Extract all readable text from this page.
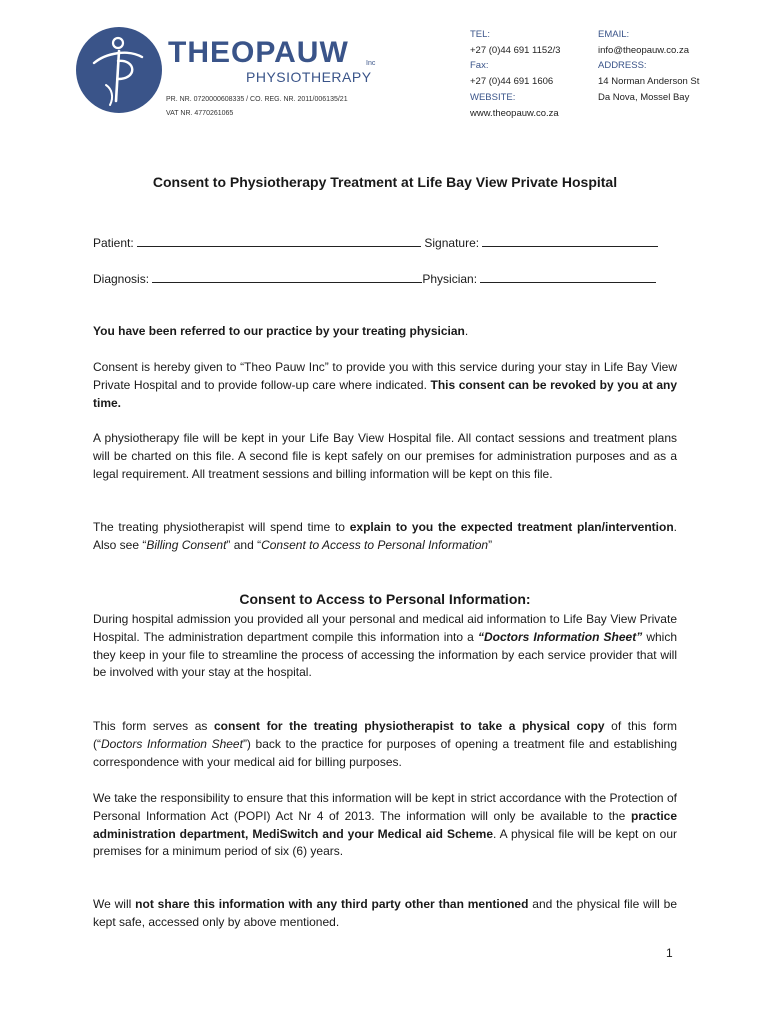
THEOPAUW Inc
PHYSIOTHERAPY
PR. NR. 0720000608335 / CO. REG. NR. 2011/006135/21
VAT NR. 4770261065
TEL:
+27 (0)44 691 1152/3
Fax:
+27 (0)44 691 1606
WEBSITE:
www.theopauw.co.za
EMAIL:
info@theopauw.co.za
ADDRESS:
14 Norman Anderson St
Da Nova, Mossel Bay
Consent to Physiotherapy Treatment at Life Bay View Private Hospital
Patient:	Signature:
Diagnosis:	Physician:
You have been referred to our practice by your treating physician.
Consent is hereby given to “Theo Pauw Inc” to provide you with this service during your stay in Life Bay View Private Hospital and to provide follow-up care where indicated. This consent can be revoked by you at any time.
A physiotherapy file will be kept in your Life Bay View Hospital file. All contact sessions and treatment plans will be charted on this file. A second file is kept safely on our premises for administration purposes and as a legal requirement. All treatment sessions and billing information will be kept on this file.
The treating physiotherapist will spend time to explain to you the expected treatment plan/intervention. Also see “Billing Consent” and “Consent to Access to Personal Information”
Consent to Access to Personal Information:
During hospital admission you provided all your personal and medical aid information to Life Bay View Private Hospital. The administration department compile this information into a “Doctors Information Sheet” which they keep in your file to streamline the process of accessing the information by each service provider that will be involved with your stay at the hospital.
This form serves as consent for the treating physiotherapist to take a physical copy of this form (“Doctors Information Sheet”) back to the practice for purposes of opening a treatment file and establishing correspondence with your medical aid for billing purposes.
We take the responsibility to ensure that this information will be kept in strict accordance with the Protection of Personal Information Act (POPI) Act Nr 4 of 2013. The information will only be available to the practice administration department, MediSwitch and your Medical aid Scheme. A physical file will be kept on our premises for a minimum period of six (6) years.
We will not share this information with any third party other than mentioned and the physical file will be kept safe, accessed only by above mentioned.
1
